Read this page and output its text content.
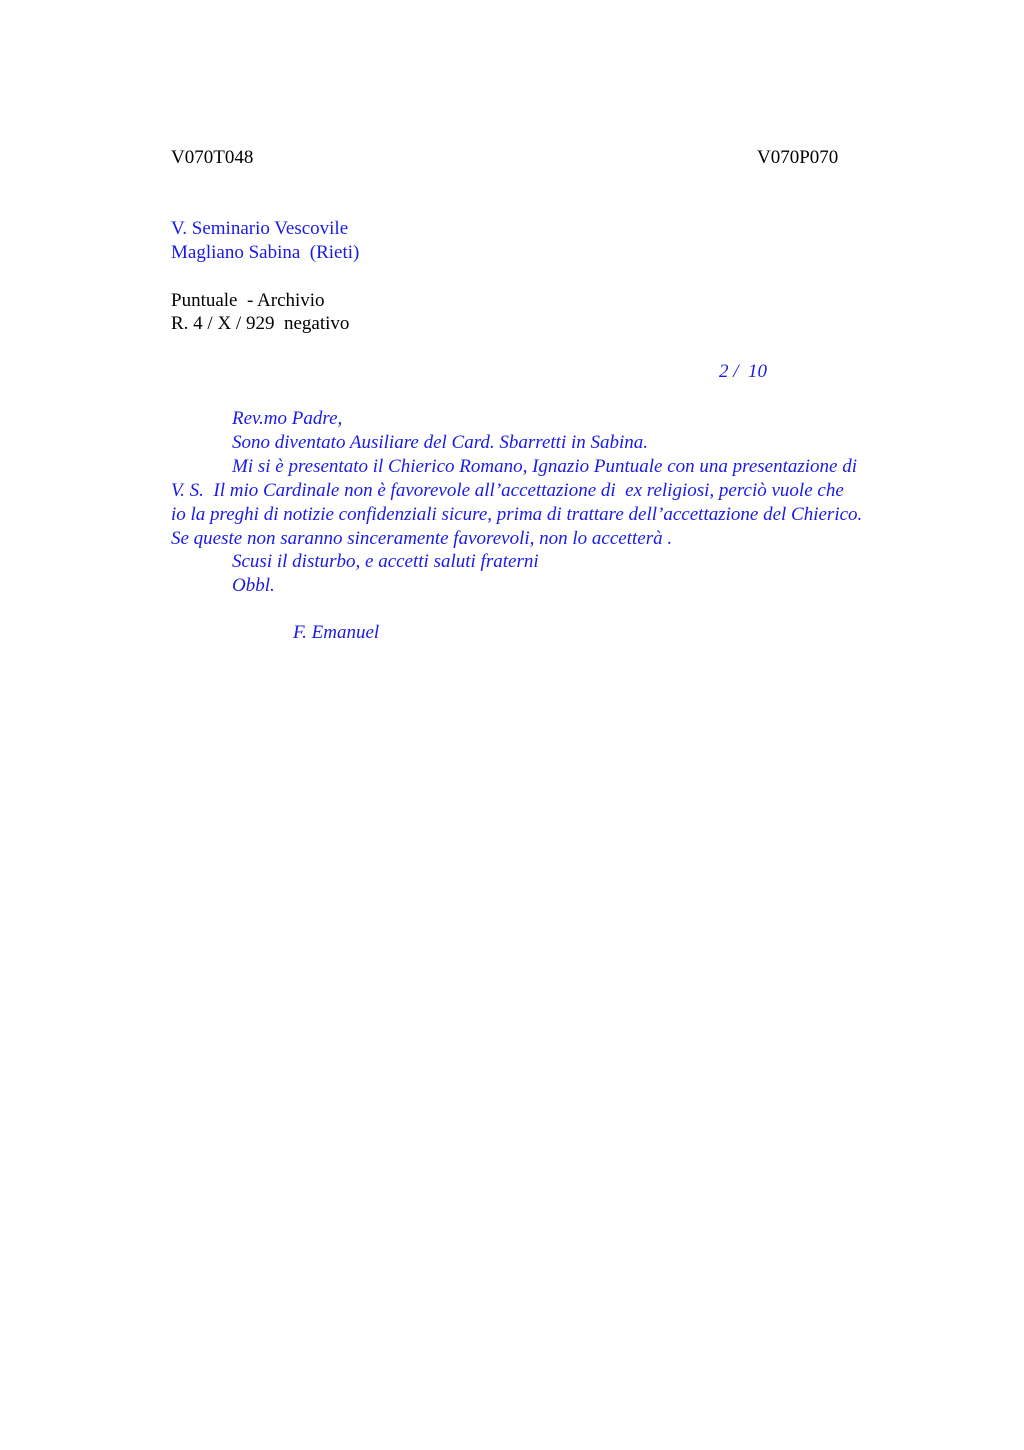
V070T048	V070P070
V. Seminario Vescovile
Magliano Sabina  (Rieti)
Puntuale  - Archivio
R. 4 / X / 929  negativo
2 /  10
Rev.mo Padre,
Sono diventato Ausiliare del Card. Sbarretti in Sabina.
Mi si è presentato il Chierico Romano, Ignazio Puntuale con una presentazione di
V. S.  Il mio Cardinale non è favorevole all’accettazione di  ex religiosi, perciò vuole che
io la preghi di notizie confidenziali sicure, prima di trattare dell’accettazione del Chierico.
Se queste non saranno sinceramente favorevoli, non lo accetterà .
Scusi il disturbo, e accetti saluti fraterni
Obbl.
F. Emanuel
